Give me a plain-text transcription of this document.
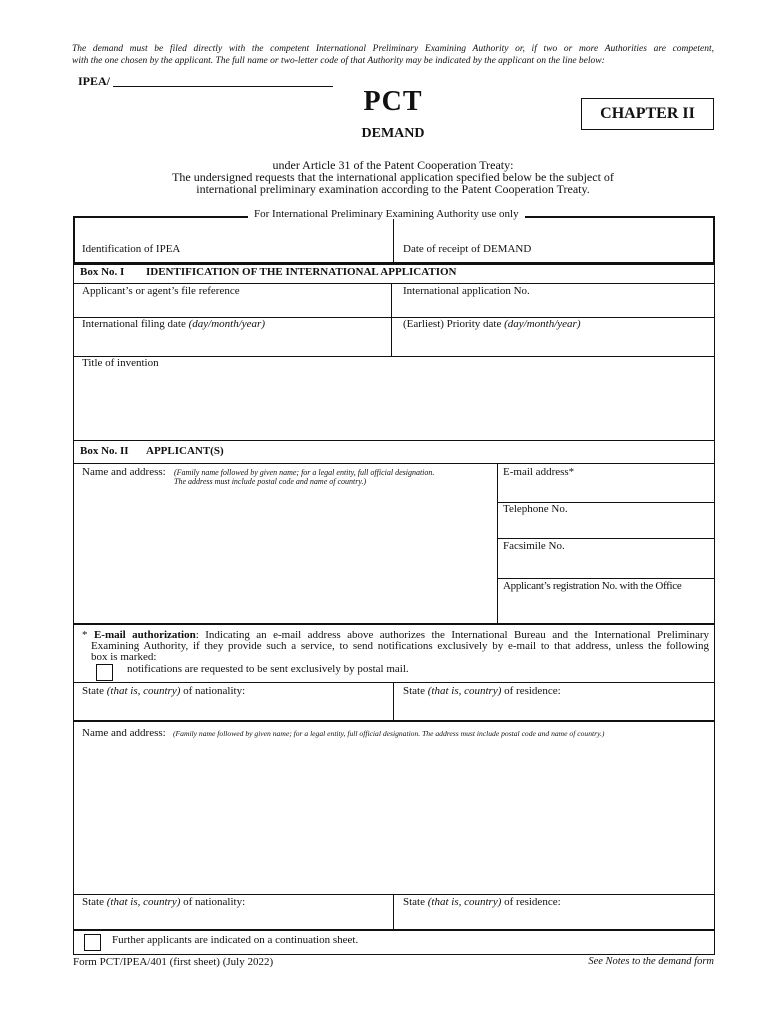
The demand must be filed directly with the competent International Preliminary Examining Authority or, if two or more Authorities are competent,
with the one chosen by the applicant. The full name or two-letter code of that Authority may be indicated by the applicant on the line below:
IPEA/
PCT
DEMAND
CHAPTER II
under Article 31 of the Patent Cooperation Treaty:
The undersigned requests that the international application specified below be the subject of
international preliminary examination according to the Patent Cooperation Treaty.
For International Preliminary Examining Authority use only
Identification of IPEA	Date of receipt of DEMAND
Box No. I IDENTIFICATION OF THE INTERNATIONAL APPLICATION
Applicant’s or agent’s file reference	International application No.
International filing date (day/month/year)	(Earliest) Priority date (day/month/year)
Title of invention
Box No. II APPLICANT(S)
Name and address: (Family name followed by given name; for a legal entity, full official designation.
The address must include postal code and name of country.)
E-mail address*
Telephone No.
Facsimile No.
Applicant’s registration No. with the Office
* E-mail authorization: Indicating an e-mail address above authorizes the International Bureau and the International Preliminary
Examining Authority, if they provide such a service, to send notifications exclusively by e-mail to that address, unless the following
box is marked:
notifications are requested to be sent exclusively by postal mail.
State (that is, country) of nationality:	State (that is, country) of residence:
Name and address: (Family name followed by given name; for a legal entity, full official designation. The address must include postal code and name of country.)
State (that is, country) of nationality:	State (that is, country) of residence:
Further applicants are indicated on a continuation sheet.
Form PCT/IPEA/401 (first sheet) (July 2022)	See Notes to the demand form
